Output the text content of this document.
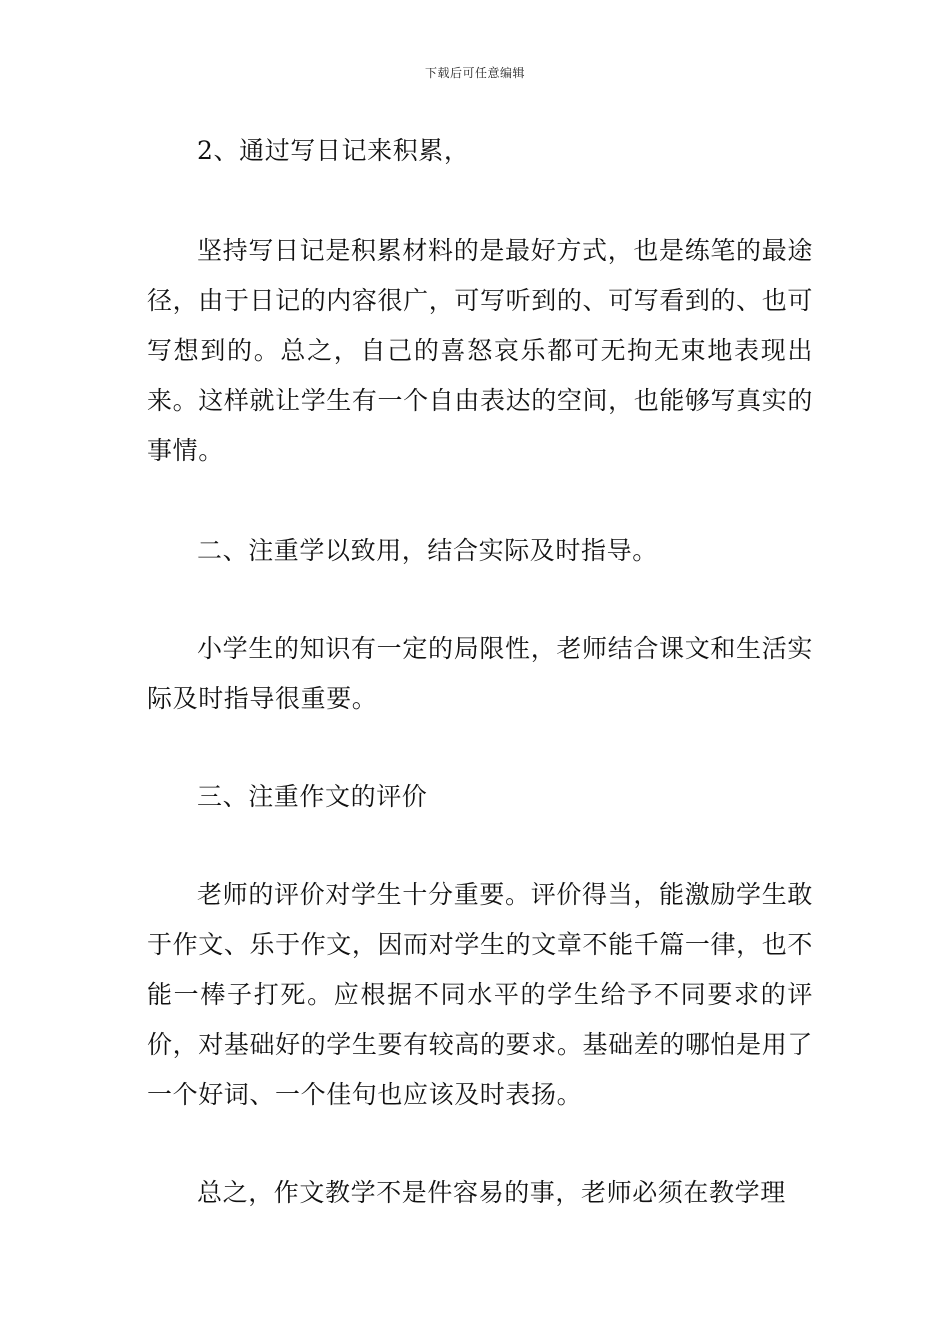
下载后可任意编辑

2、通过写日记来积累，

坚持写日记是积累材料的是最好方式，也是练笔的最途径，由于日记的内容很广，可写听到的、可写看到的、也可写想到的。总之，自己的喜怒哀乐都可无拘无束地表现出来。这样就让学生有一个自由表达的空间，也能够写真实的事情。

二、注重学以致用，结合实际及时指导。

小学生的知识有一定的局限性，老师结合课文和生活实际及时指导很重要。

三、注重作文的评价

老师的评价对学生十分重要。评价得当，能激励学生敢于作文、乐于作文，因而对学生的文章不能千篇一律，也不能一棒子打死。应根据不同水平的学生给予不同要求的评价，对基础好的学生要有较高的要求。基础差的哪怕是用了一个好词、一个佳句也应该及时表扬。

总之，作文教学不是件容易的事，老师必须在教学理
